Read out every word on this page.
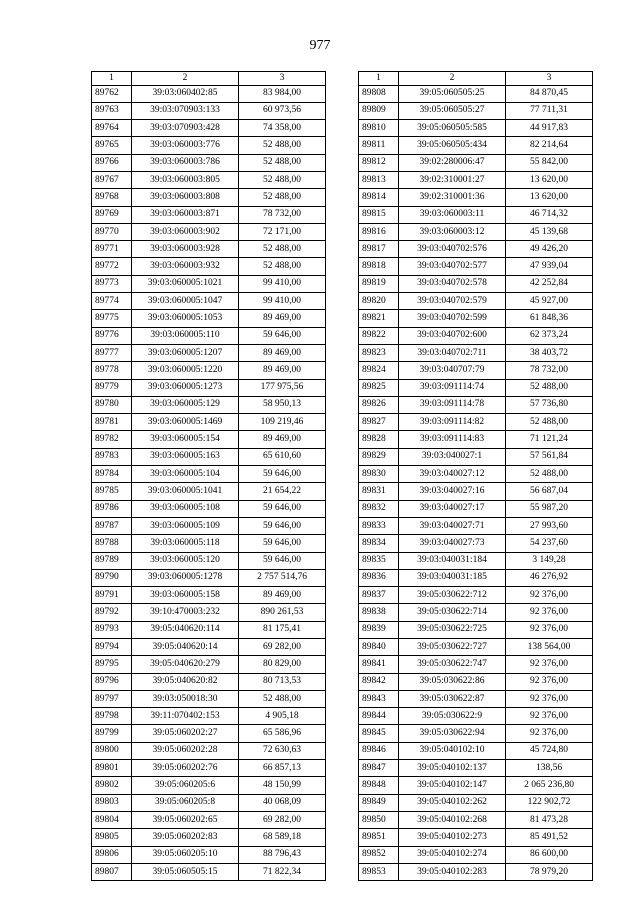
977
1	2	3
89762	39:03:060402:85	83 984,00
89763	39:03:070903:133	60 973,56
89764	39:03:070903:428	74 358,00
89765	39:03:060003:776	52 488,00
89766	39:03:060003:786	52 488,00
89767	39:03:060003:805	52 488,00
89768	39:03:060003:808	52 488,00
89769	39:03:060003:871	78 732,00
89770	39:03:060003:902	72 171,00
89771	39:03:060003:928	52 488,00
89772	39:03:060003:932	52 488,00
89773	39:03:060005:1021	99 410,00
89774	39:03:060005:1047	99 410,00
89775	39:03:060005:1053	89 469,00
89776	39:03:060005:110	59 646,00
89777	39:03:060005:1207	89 469,00
89778	39:03:060005:1220	89 469,00
89779	39:03:060005:1273	177 975,56
89780	39:03:060005:129	58 950,13
89781	39:03:060005:1469	109 219,46
89782	39:03:060005:154	89 469,00
89783	39:03:060005:163	65 610,60
89784	39:03:060005:104	59 646,00
89785	39:03:060005:1041	21 654,22
89786	39:03:060005:108	59 646,00
89787	39:03:060005:109	59 646,00
89788	39:03:060005:118	59 646,00
89789	39:03:060005:120	59 646,00
89790	39:03:060005:1278	2 757 514,76
89791	39:03:060005:158	89 469,00
89792	39:10:470003:232	890 261,53
89793	39:05:040620:114	81 175,41
89794	39:05:040620:14	69 282,00
89795	39:05:040620:279	80 829,00
89796	39:05:040620:82	80 713,53
89797	39:03:050018:30	52 488,00
89798	39:11:070402:153	4 905,18
89799	39:05:060202:27	65 586,96
89800	39:05:060202:28	72 630,63
89801	39:05:060202:76	66 857,13
89802	39:05:060205:6	48 150,99
89803	39:05:060205:8	40 068,09
89804	39:05:060202:65	69 282,00
89805	39:05:060202:83	68 589,18
89806	39:05:060205:10	88 796,43
89807	39:05:060505:15	71 822,34
1	2	3
89808	39:05:060505:25	84 870,45
89809	39:05:060505:27	77 711,31
89810	39:05:060505:585	44 917,83
89811	39:05:060505:434	82 214,64
89812	39:02:280006:47	55 842,00
89813	39:02:310001:27	13 620,00
89814	39:02:310001:36	13 620,00
89815	39:03:060003:11	46 714,32
89816	39:03:060003:12	45 139,68
89817	39:03:040702:576	49 426,20
89818	39:03:040702:577	47 939,04
89819	39:03:040702:578	42 252,84
89820	39:03:040702:579	45 927,00
89821	39:03:040702:599	61 848,36
89822	39:03:040702:600	62 373,24
89823	39:03:040702:711	38 403,72
89824	39:03:040707:79	78 732,00
89825	39:03:091114:74	52 488,00
89826	39:03:091114:78	57 736,80
89827	39:03:091114:82	52 488,00
89828	39:03:091114:83	71 121,24
89829	39:03:040027:1	57 561,84
89830	39:03:040027:12	52 488,00
89831	39:03:040027:16	56 687,04
89832	39:03:040027:17	55 987,20
89833	39:03:040027:71	27 993,60
89834	39:03:040027:73	54 237,60
89835	39:03:040031:184	3 149,28
89836	39:03:040031:185	46 276,92
89837	39:05:030622:712	92 376,00
89838	39:05:030622:714	92 376,00
89839	39:05:030622:725	92 376,00
89840	39:05:030622:727	138 564,00
89841	39:05:030622:747	92 376,00
89842	39:05:030622:86	92 376,00
89843	39:05:030622:87	92 376,00
89844	39:05:030622:9	92 376,00
89845	39:05:030622:94	92 376,00
89846	39:05:040102:10	45 724,80
89847	39:05:040102:137	138,56
89848	39:05:040102:147	2 065 236,80
89849	39:05:040102:262	122 902,72
89850	39:05:040102:268	81 473,28
89851	39:05:040102:273	85 491,52
89852	39:05:040102:274	86 600,00
89853	39:05:040102:283	78 979,20
